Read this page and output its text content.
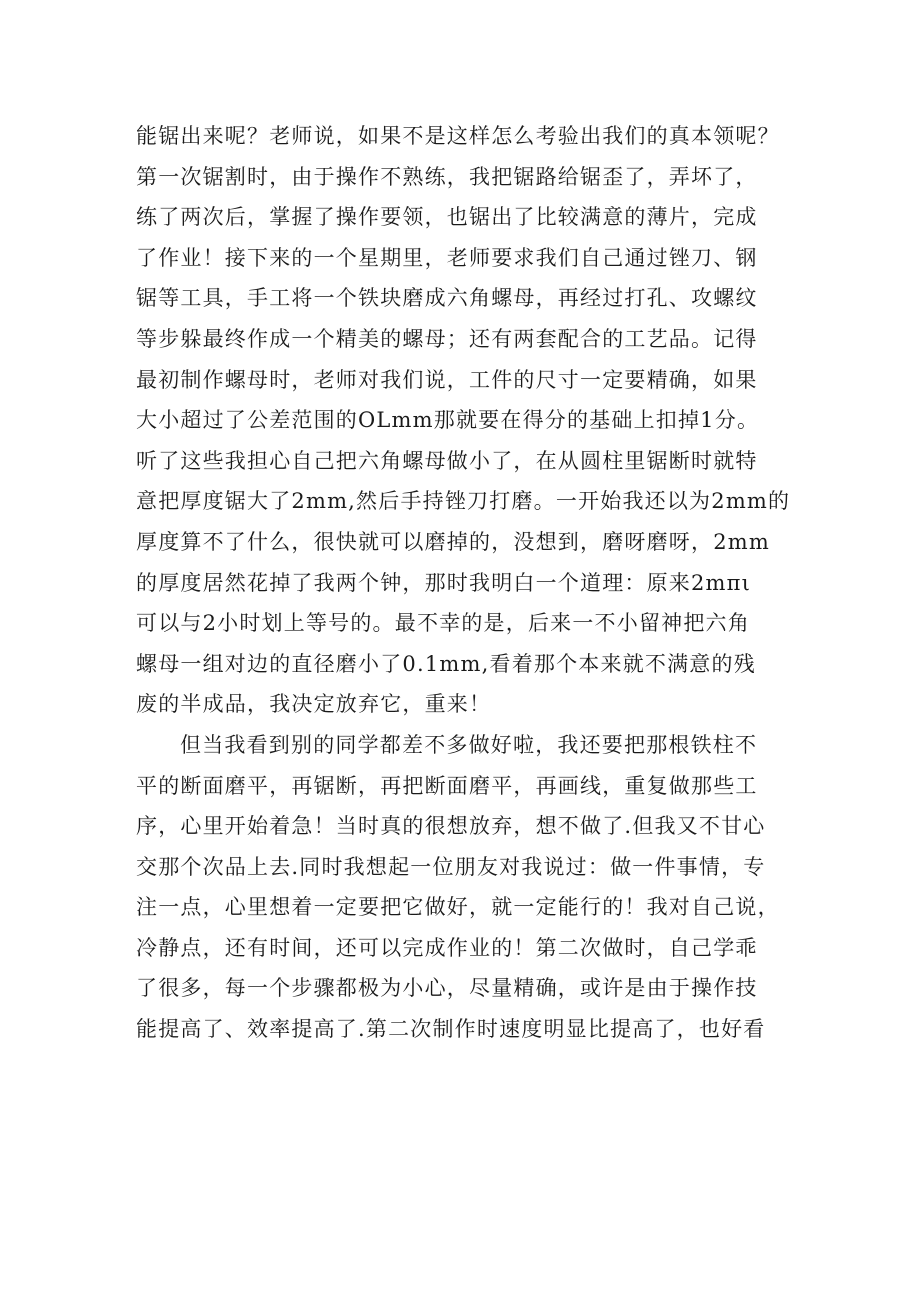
能锯出来呢？老师说，如果不是这样怎么考验出我们的真本领呢？
第一次锯割时，由于操作不熟练，我把锯路给锯歪了，弄坏了，
练了两次后，掌握了操作要领，也锯出了比较满意的薄片，完成
了作业！接下来的一个星期里，老师要求我们自己通过锉刀、钢
锯等工具，手工将一个铁块磨成六角螺母，再经过打孔、攻螺纹
等步躲最终作成一个精美的螺母；还有两套配合的工艺品。记得
最初制作螺母时，老师对我们说，工件的尺寸一定要精确，如果
大小超过了公差范围的OLmm那就要在得分的基础上扣掉1分。
听了这些我担心自己把六角螺母做小了，在从圆柱里锯断时就特
意把厚度锯大了2mm,然后手持锉刀打磨。一开始我还以为2mm的
厚度算不了什么，很快就可以磨掉的，没想到，磨呀磨呀，2mm
的厚度居然花掉了我两个钟，那时我明白一个道理：原来2mπι
可以与2小时划上等号的。最不幸的是，后来一不小留神把六角
螺母一组对边的直径磨小了0.1mm,看着那个本来就不满意的残
废的半成品，我决定放弃它，重来！
但当我看到别的同学都差不多做好啦，我还要把那根铁柱不
平的断面磨平，再锯断，再把断面磨平，再画线，重复做那些工
序，心里开始着急！当时真的很想放弃，想不做了.但我又不甘心
交那个次品上去.同时我想起一位朋友对我说过：做一件事情，专
注一点，心里想着一定要把它做好，就一定能行的！我对自己说，
冷静点，还有时间，还可以完成作业的！第二次做时，自己学乖
了很多，每一个步骤都极为小心，尽量精确，或许是由于操作技
能提高了、效率提高了.第二次制作时速度明显比提高了，也好看
